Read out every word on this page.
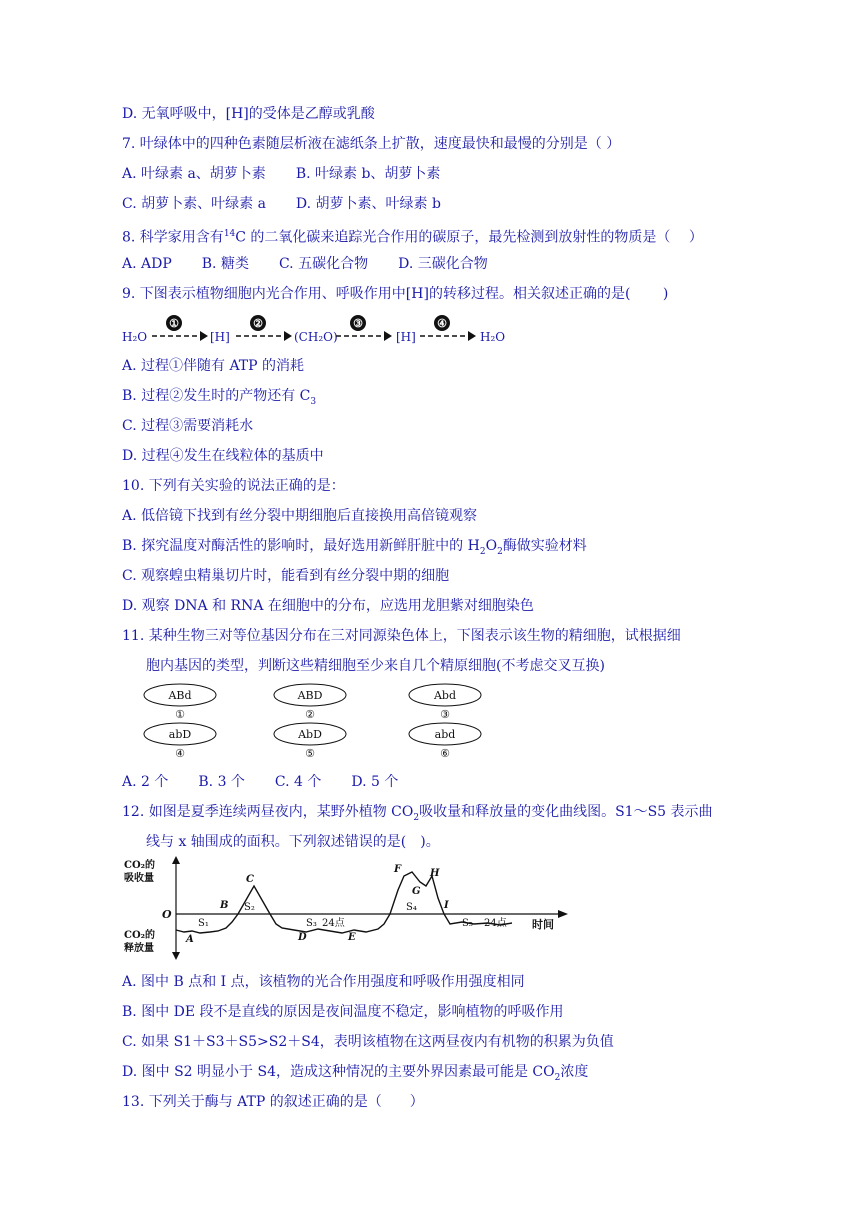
D. 无氧呼吸中，[H]的受体是乙醇或乳酸
7. 叶绿体中的四种色素随层析液在滤纸条上扩散，速度最快和最慢的分别是（ ）
A. 叶绿素 a、胡萝卜素 B. 叶绿素 b、胡萝卜素
C. 胡萝卜素、叶绿素 a D. 胡萝卜素、叶绿素 b
8. 科学家用含有$^{14}$C 的二氧化碳来追踪光合作用的碳原子，最先检测到放射性的物质是（　 ）
A. ADP B. 糖类 C. 五碳化合物 D. 三碳化合物
9. 下图表示植物细胞内光合作用、呼吸作用中[H]的转移过程。相关叙述正确的是(　　 )
H₂O
①
[H]
②
(CH₂O)
③
[H]
④
H₂O
A. 过程①伴随有 ATP 的消耗
B. 过程②发生时的产物还有 $C_3$
C. 过程③需要消耗水
D. 过程④发生在线粒体的基质中
10. 下列有关实验的说法正确的是：
A. 低倍镜下找到有丝分裂中期细胞后直接换用高倍镜观察
B. 探究温度对酶活性的影响时，最好选用新鲜肝脏中的 $H_2O_2$酶做实验材料
C. 观察蝗虫精巢切片时，能看到有丝分裂中期的细胞
D. 观察 DNA 和 RNA 在细胞中的分布，应选用龙胆紫对细胞染色
11. 某种生物三对等位基因分布在三对同源染色体上，下图表示该生物的精细胞，试根据细
胞内基因的类型，判断这些精细胞至少来自几个精原细胞(不考虑交叉互换)
ABd
①
ABD
②
Abd
③
abD
④
AbD
⑤
abd
⑥
A. 2 个 B. 3 个 C. 4 个 D. 5 个
12. 如图是夏季连续两昼夜内，某野外植物 $CO_2$吸收量和释放量的变化曲线图。S1～S5 表示曲
线与 x 轴围成的面积。下列叙述错误的是(　)。
CO₂的
吸收量
CO₂的
释放量
O
时间
A
B
C
D	E
F
G
H
I
S₁
S₂
S₃ 24点
S₄
S₅ 24点
A. 图中 B 点和 I 点，该植物的光合作用强度和呼吸作用强度相同
B. 图中 DE 段不是直线的原因是夜间温度不稳定，影响植物的呼吸作用
C. 如果 S1＋S3＋S5>S2＋S4，表明该植物在这两昼夜内有机物的积累为负值
D. 图中 S2 明显小于 S4，造成这种情况的主要外界因素最可能是 $CO_2$浓度
13. 下列关于酶与 ATP 的叙述正确的是（　　）
